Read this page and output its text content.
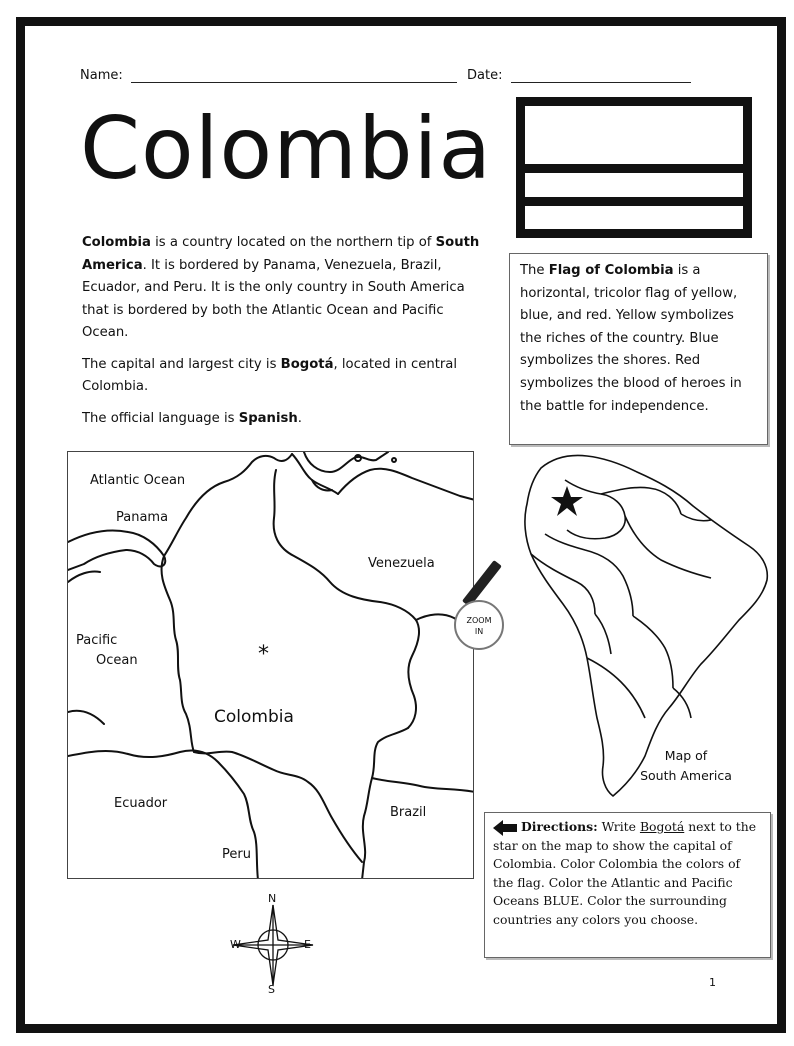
Name:	Date:
Colombia

Colombia is a country located on the northern tip of South America. It is bordered by Panama, Venezuela, Brazil, Ecuador, and Peru. It is the only country in South America that is bordered by both the Atlantic Ocean and Pacific Ocean.

The capital and largest city is Bogotá, located in central Colombia.

The official language is Spanish.

The Flag of Colombia is a horizontal, tricolor flag of yellow, blue, and red. Yellow symbolizes the riches of the country. Blue symbolizes the shores. Red symbolizes the blood of heroes in the battle for independence.
Atlantic Ocean
Panama
Venezuela
Pacific
Ocean	*
Colombia
Ecuador
Brazil
Peru
ZOOM
IN
Map of
South America
Directions: Write Bogotá next to the star on the map to show the capital of Colombia. Color Colombia the colors of the flag. Color the Atlantic and Pacific Oceans BLUE. Color the surrounding countries any colors you choose.
N
S
E
W
1
